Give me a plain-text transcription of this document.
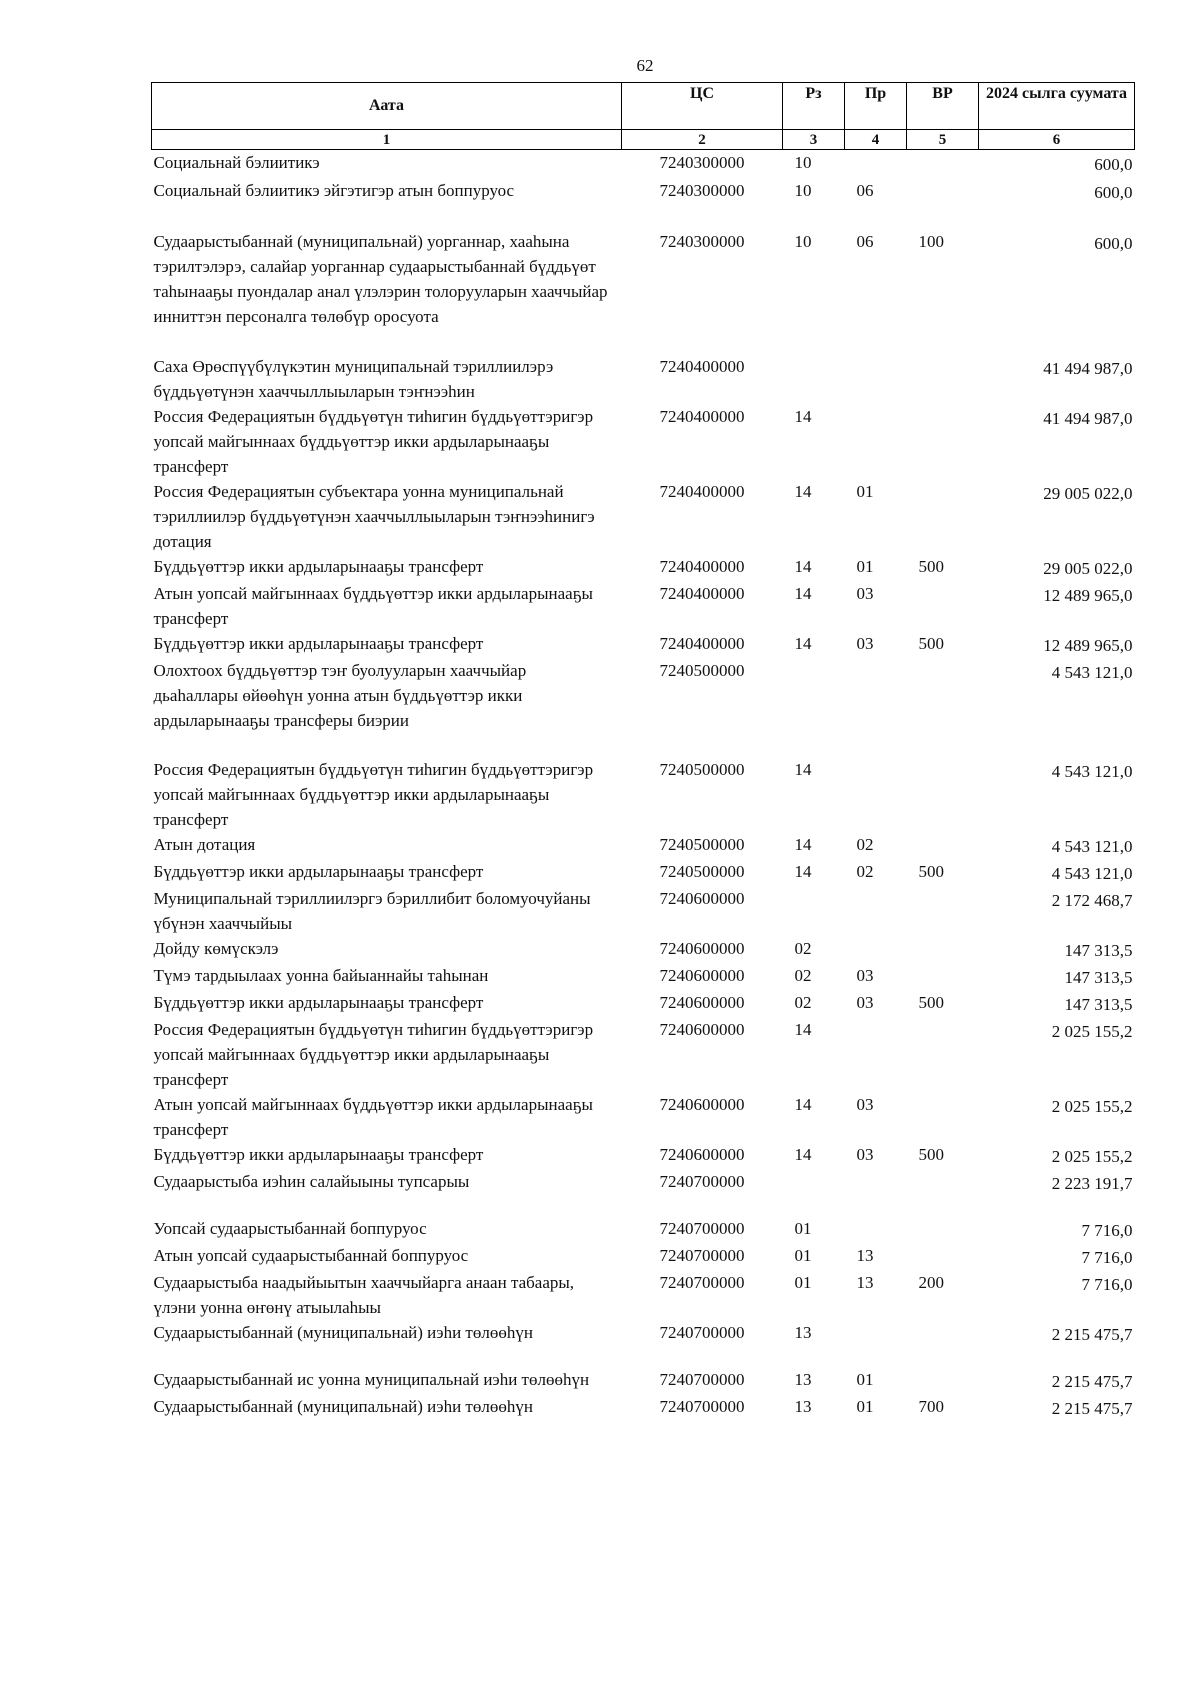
62
Аата	ЦС	Рз	Пр	ВР	2024 сылга суумата
1	2	3	4	5	6
Социальнай бэлиитикэ	7240300000	10			600,0
Социальнай бэлиитикэ эйгэтигэр атын боппуруос	7240300000	10	06		600,0
Судаарыстыбаннай (муниципальнай) уорганнар, хааһына тэрилтэлэрэ, салайар уорганнар судаарыстыбаннай бүддьүөт таһынааҕы пуондалар анал үлэлэрин толорууларын хааччыйар инниттэн персоналга төлөбүр оросуота	7240300000	10	06	100	600,0
Саха Өрөспүүбүлүкэтин муниципальнай тэриллиилэрэ бүддьүөтүнэн хааччыллыыларын тэҥнээһин	7240400000				41 494 987,0
Россия Федерациятын бүддьүөтүн тиһигин бүддьүөттэригэр уопсай майгыннаах бүддьүөттэр икки ардыларынааҕы трансферт	7240400000	14			41 494 987,0
Россия Федерациятын субъектара уонна муниципальнай тэриллиилэр бүддьүөтүнэн хааччыллыыларын тэҥнээһинигэ дотация	7240400000	14	01		29 005 022,0
Бүддьүөттэр икки ардыларынааҕы трансферт	7240400000	14	01	500	29 005 022,0
Атын уопсай майгыннаах бүддьүөттэр икки ардыларынааҕы трансферт	7240400000	14	03		12 489 965,0
Бүддьүөттэр икки ардыларынааҕы трансферт	7240400000	14	03	500	12 489 965,0
Олохтоох бүддьүөттэр тэҥ буолууларын хааччыйар дьаһаллары өйөөһүн уонна атын бүддьүөттэр икки ардыларынааҕы трансферы биэрии	7240500000				4 543 121,0
Россия Федерациятын бүддьүөтүн тиһигин бүддьүөттэригэр уопсай майгыннаах бүддьүөттэр икки ардыларынааҕы трансферт	7240500000	14			4 543 121,0
Атын дотация	7240500000	14	02		4 543 121,0
Бүддьүөттэр икки ардыларынааҕы трансферт	7240500000	14	02	500	4 543 121,0
Муниципальнай тэриллиилэргэ бэриллибит боломуочуйаны үбүнэн хааччыйыы	7240600000				2 172 468,7
Дойду көмүскэлэ	7240600000	02			147 313,5
Түмэ тардыылаах уонна байыаннайы таһынан	7240600000	02	03		147 313,5
Бүддьүөттэр икки ардыларынааҕы трансферт	7240600000	02	03	500	147 313,5
Россия Федерациятын бүддьүөтүн тиһигин бүддьүөттэригэр уопсай майгыннаах бүддьүөттэр икки ардыларынааҕы трансферт	7240600000	14			2 025 155,2
Атын уопсай майгыннаах бүддьүөттэр икки ардыларынааҕы трансферт	7240600000	14	03		2 025 155,2
Бүддьүөттэр икки ардыларынааҕы трансферт	7240600000	14	03	500	2 025 155,2
Судаарыстыба иэһин салайыыны тупсарыы	7240700000				2 223 191,7
Уопсай судаарыстыбаннай боппуруос	7240700000	01			7 716,0
Атын уопсай судаарыстыбаннай боппуруос	7240700000	01	13		7 716,0
Судаарыстыба наадыйыытын хааччыйарга анаан табаары, үлэни уонна өҥөнү атыылаһыы	7240700000	01	13	200	7 716,0
Судаарыстыбаннай (муниципальнай) иэһи төлөөһүн	7240700000	13			2 215 475,7
Судаарыстыбаннай ис уонна муниципальнай иэһи төлөөһүн	7240700000	13	01		2 215 475,7
Судаарыстыбаннай (муниципальнай) иэһи төлөөһүн	7240700000	13	01	700	2 215 475,7
